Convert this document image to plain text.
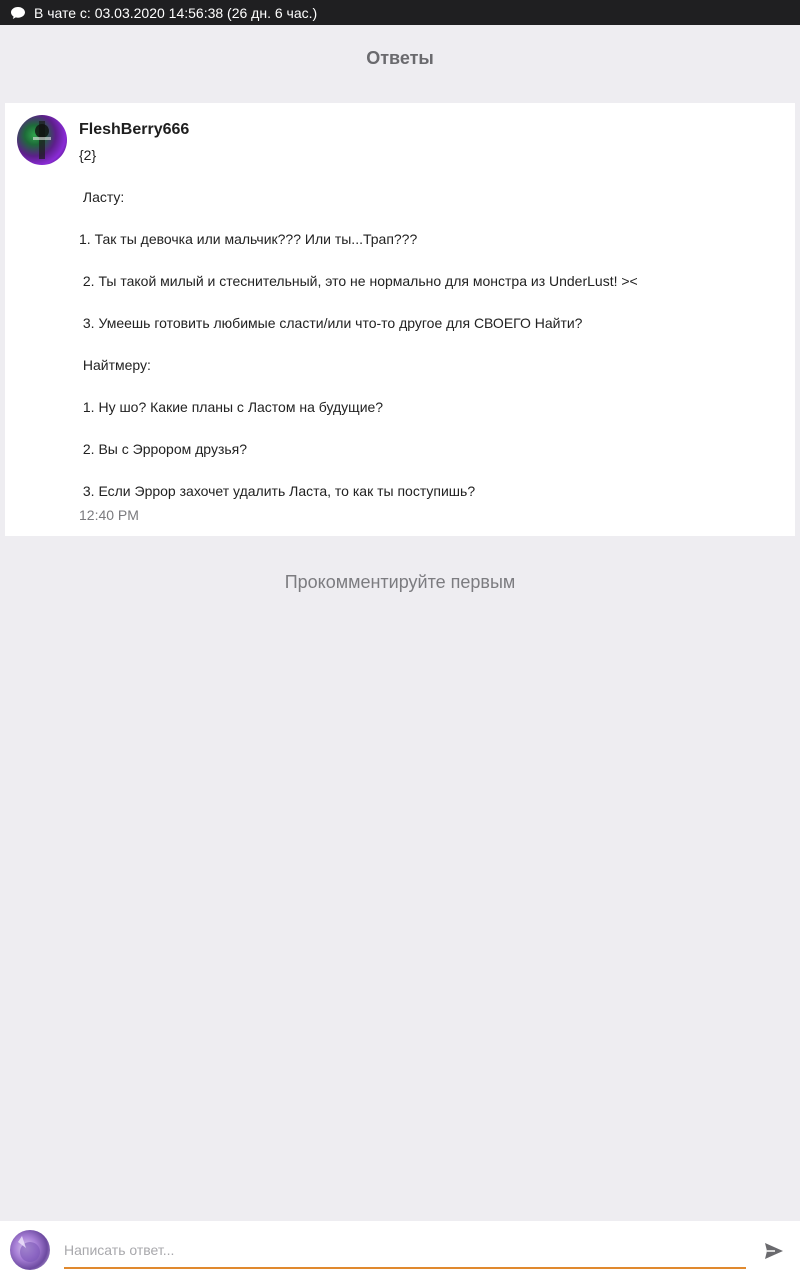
В чате с: 03.03.2020 14:56:38 (26 дн. 6 час.)
Ответы
FleshBerry666
{2}
Ласту:
1. Так ты девочка или мальчик??? Или ты...Трап???
2. Ты такой милый и стеснительный, это не нормально для монстра из UnderLust! ><
3. Умеешь готовить любимые сласти/или что-то другое для СВОЕГО Найти?
Найтмеру:
1. Ну шо? Какие планы с Ластом на будущие?
2. Вы с Эррором друзья?
3. Если Эррор захочет удалить Ласта, то как ты поступишь?
12:40 PM
Прокомментируйте первым
Написать ответ...
